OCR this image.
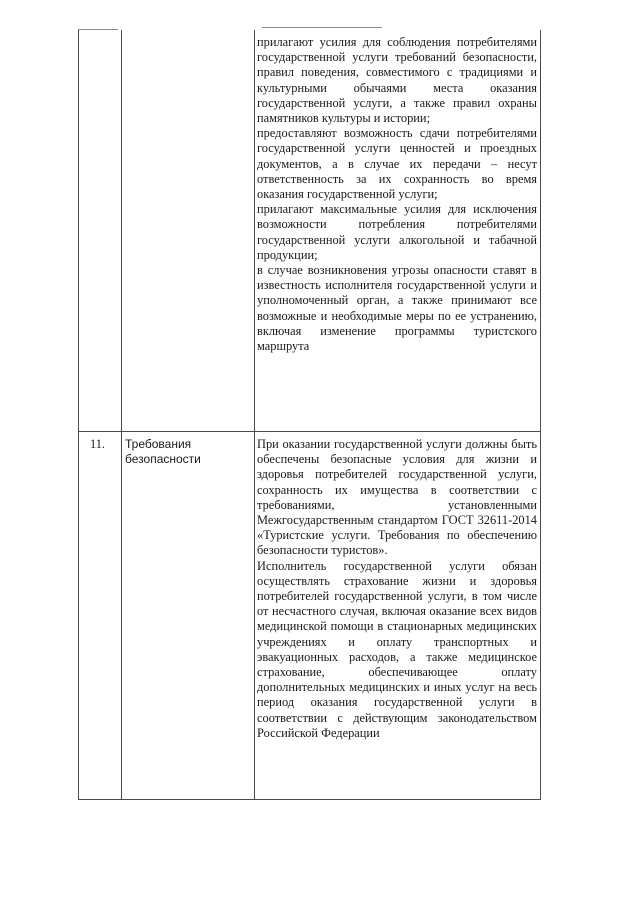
прилагают усилия для соблюдения потребителями государственной услуги требований безопасности, правил поведения, совместимого с традициями и культурными обычаями места оказания государственной услуги, а также правил охраны памятников культуры и истории;

предоставляют возможность сдачи потребителями государственной услуги ценностей и проездных документов, а в случае их передачи – несут ответственность за их сохранность во время оказания государственной услуги;

прилагают максимальные усилия для исключения возможности потребления потребителями государственной услуги алкогольной и табачной продукции;

в случае возникновения угрозы опасности ставят в известность исполнителя государственной услуги и уполномоченный орган, а также принимают все возможные и необходимые меры по ее устранению, включая изменение программы туристского маршрута

11. Требования безопасности

При оказании государственной услуги должны быть обеспечены безопасные условия для жизни и здоровья потребителей государственной услуги, сохранность их имущества в соответствии с требованиями, установленными Межгосударственным стандартом ГОСТ 32611-2014 «Туристские услуги. Требования по обеспечению безопасности туристов».

Исполнитель государственной услуги обязан осуществлять страхование жизни и здоровья потребителей государственной услуги, в том числе от несчастного случая, включая оказание всех видов медицинской помощи в стационарных медицинских учреждениях и оплату транспортных и эвакуационных расходов, а также медицинское страхование, обеспечивающее оплату дополнительных медицинских и иных услуг на весь период оказания государственной услуги в соответствии с действующим законодательством Российской Федерации
